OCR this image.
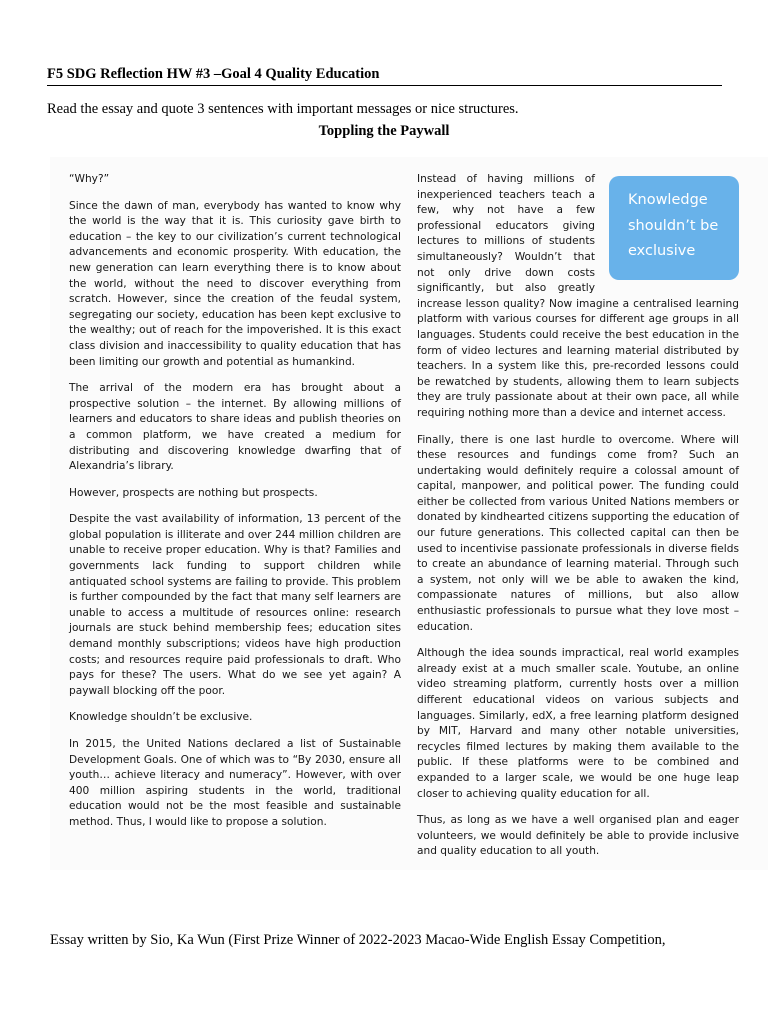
F5 SDG Reflection HW #3 –Goal 4 Quality Education
Read the essay and quote 3 sentences with important messages or nice structures.
Toppling the Paywall

“Why?”

Since the dawn of man, everybody has wanted to know why the world is the way that it is. This curiosity gave birth to education – the key to our civilization’s current technological advancements and economic prosperity. With education, the new generation can learn everything there is to know about the world, without the need to discover everything from scratch. However, since the creation of the feudal system, segregating our society, education has been kept exclusive to the wealthy; out of reach for the impoverished. It is this exact class division and inaccessibility to quality education that has been limiting our growth and potential as humankind.

The arrival of the modern era has brought about a prospective solution – the internet. By allowing millions of learners and educators to share ideas and publish theories on a common platform, we have created a medium for distributing and discovering knowledge dwarfing that of Alexandria’s library.

However, prospects are nothing but prospects.

Despite the vast availability of information, 13 percent of the global population is illiterate and over 244 million children are unable to receive proper education. Why is that? Families and governments lack funding to support children while antiquated school systems are failing to provide. This problem is further compounded by the fact that many self learners are unable to access a multitude of resources online: research journals are stuck behind membership fees; education sites demand monthly subscriptions; videos have high production costs; and resources require paid professionals to draft. Who pays for these? The users. What do we see yet again? A paywall blocking off the poor.

Knowledge shouldn’t be exclusive.

In 2015, the United Nations declared a list of Sustainable Development Goals. One of which was to “By 2030, ensure all youth… achieve literacy and numeracy”. However, with over 400 million aspiring students in the world, traditional education would not be the most feasible and sustainable method. Thus, I would like to propose a solution.

Knowledge
shouldn’t be
exclusive

Instead of having millions of inexperienced teachers teach a few, why not have a few professional educators giving lectures to millions of students simultaneously? Wouldn’t that not only drive down costs significantly, but also greatly increase lesson quality? Now imagine a centralised learning platform with various courses for different age groups in all languages. Students could receive the best education in the form of video lectures and learning material distributed by teachers. In a system like this, pre-recorded lessons could be rewatched by students, allowing them to learn subjects they are truly passionate about at their own pace, all while requiring nothing more than a device and internet access.

Finally, there is one last hurdle to overcome. Where will these resources and fundings come from? Such an undertaking would definitely require a colossal amount of capital, manpower, and political power. The funding could either be collected from various United Nations members or donated by kindhearted citizens supporting the education of our future generations. This collected capital can then be used to incentivise passionate professionals in diverse fields to create an abundance of learning material. Through such a system, not only will we be able to awaken the kind, compassionate natures of millions, but also allow enthusiastic professionals to pursue what they love most – education.

Although the idea sounds impractical, real world examples already exist at a much smaller scale. Youtube, an online video streaming platform, currently hosts over a million different educational videos on various subjects and languages. Similarly, edX, a free learning platform designed by MIT, Harvard and many other notable universities, recycles filmed lectures by making them available to the public. If these platforms were to be combined and expanded to a larger scale, we would be one huge leap closer to achieving quality education for all.

Thus, as long as we have a well organised plan and eager volunteers, we would definitely be able to provide inclusive and quality education to all youth.

Essay written by Sio, Ka Wun (First Prize Winner of 2022-2023 Macao-Wide English Essay Competition,
